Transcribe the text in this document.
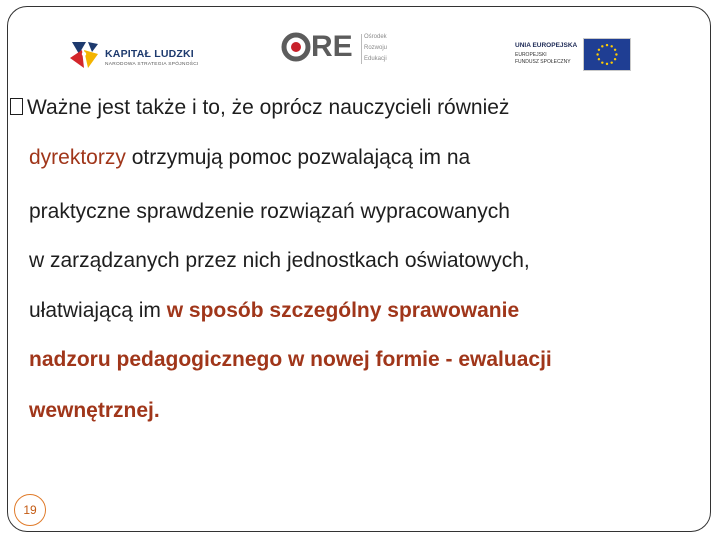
KAPITAŁ LUDZKI
NARODOWA STRATEGIA SPÓJNOŚCI
RE Ośrodek
Rozwoju
Edukacji
UNIA EUROPEJSKA
EUROPEJSKI
FUNDUSZ SPOŁECZNY
Ważne jest także i to, że oprócz nauczycieli również
dyrektorzy otrzymują pomoc pozwalającą im na
praktyczne sprawdzenie rozwiązań wypracowanych
w zarządzanych przez nich jednostkach oświatowych,
ułatwiającą im w sposób szczególny sprawowanie
nadzoru pedagogicznego w nowej formie - ewaluacji
wewnętrznej.
19
